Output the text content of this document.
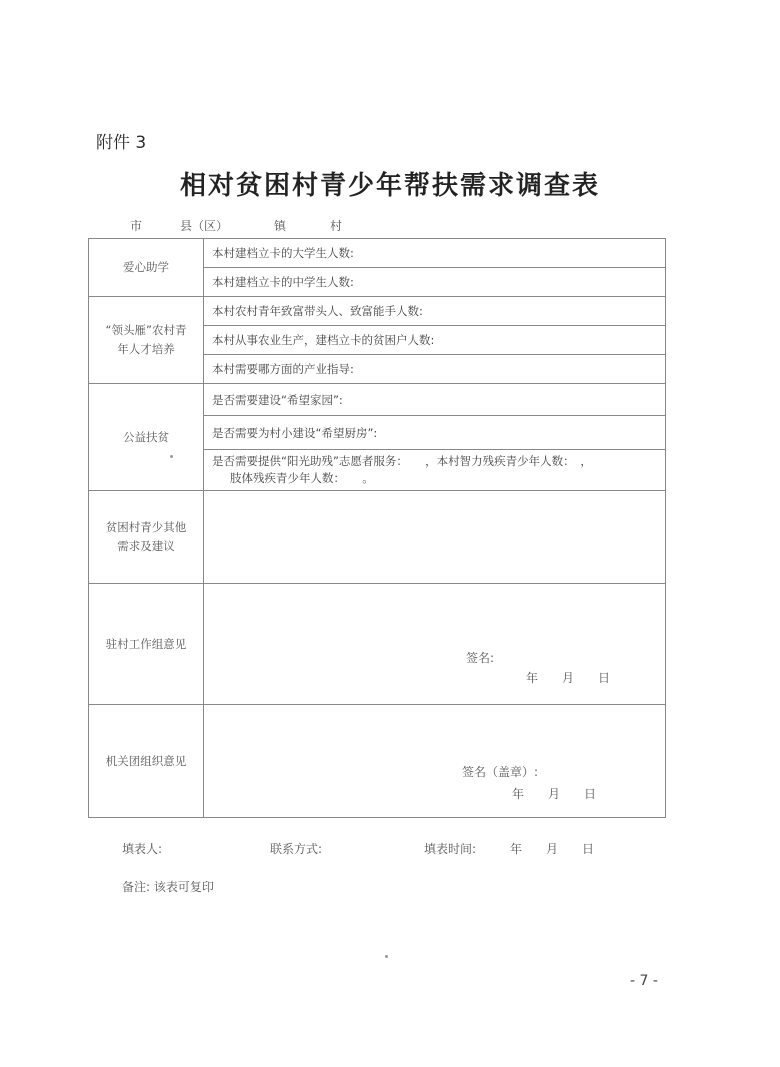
附件 3
相对贫困村青少年帮扶需求调查表
市	县（区）	镇	村
爱心助学	本村建档立卡的大学生人数:
	本村建档立卡的中学生人数:

“领头雁”农村青
年人才培养	本村农村青年致富带头人、致富能手人数:
	本村从事农业生产，建档立卡的贫困户人数:
	本村需要哪方面的产业指导:
公益扶贫	是否需要建设“希望家园”:
	是否需要为村小建设“希望厨房”:

	是否需要提供“阳光助残”志愿者服务：　　，本村智力残疾青少年人数：　，
肢体残疾青少年人数：　　。

贫困村青少其他
需求及建议	

驻村工作组意见	签名:
年　　月　　日

机关团组织意见	签名（盖章）:
年　　月　　日
填表人:	联系方式:	填表时间:	年　　月　　日
备注: 该表可复印
- 7 -
